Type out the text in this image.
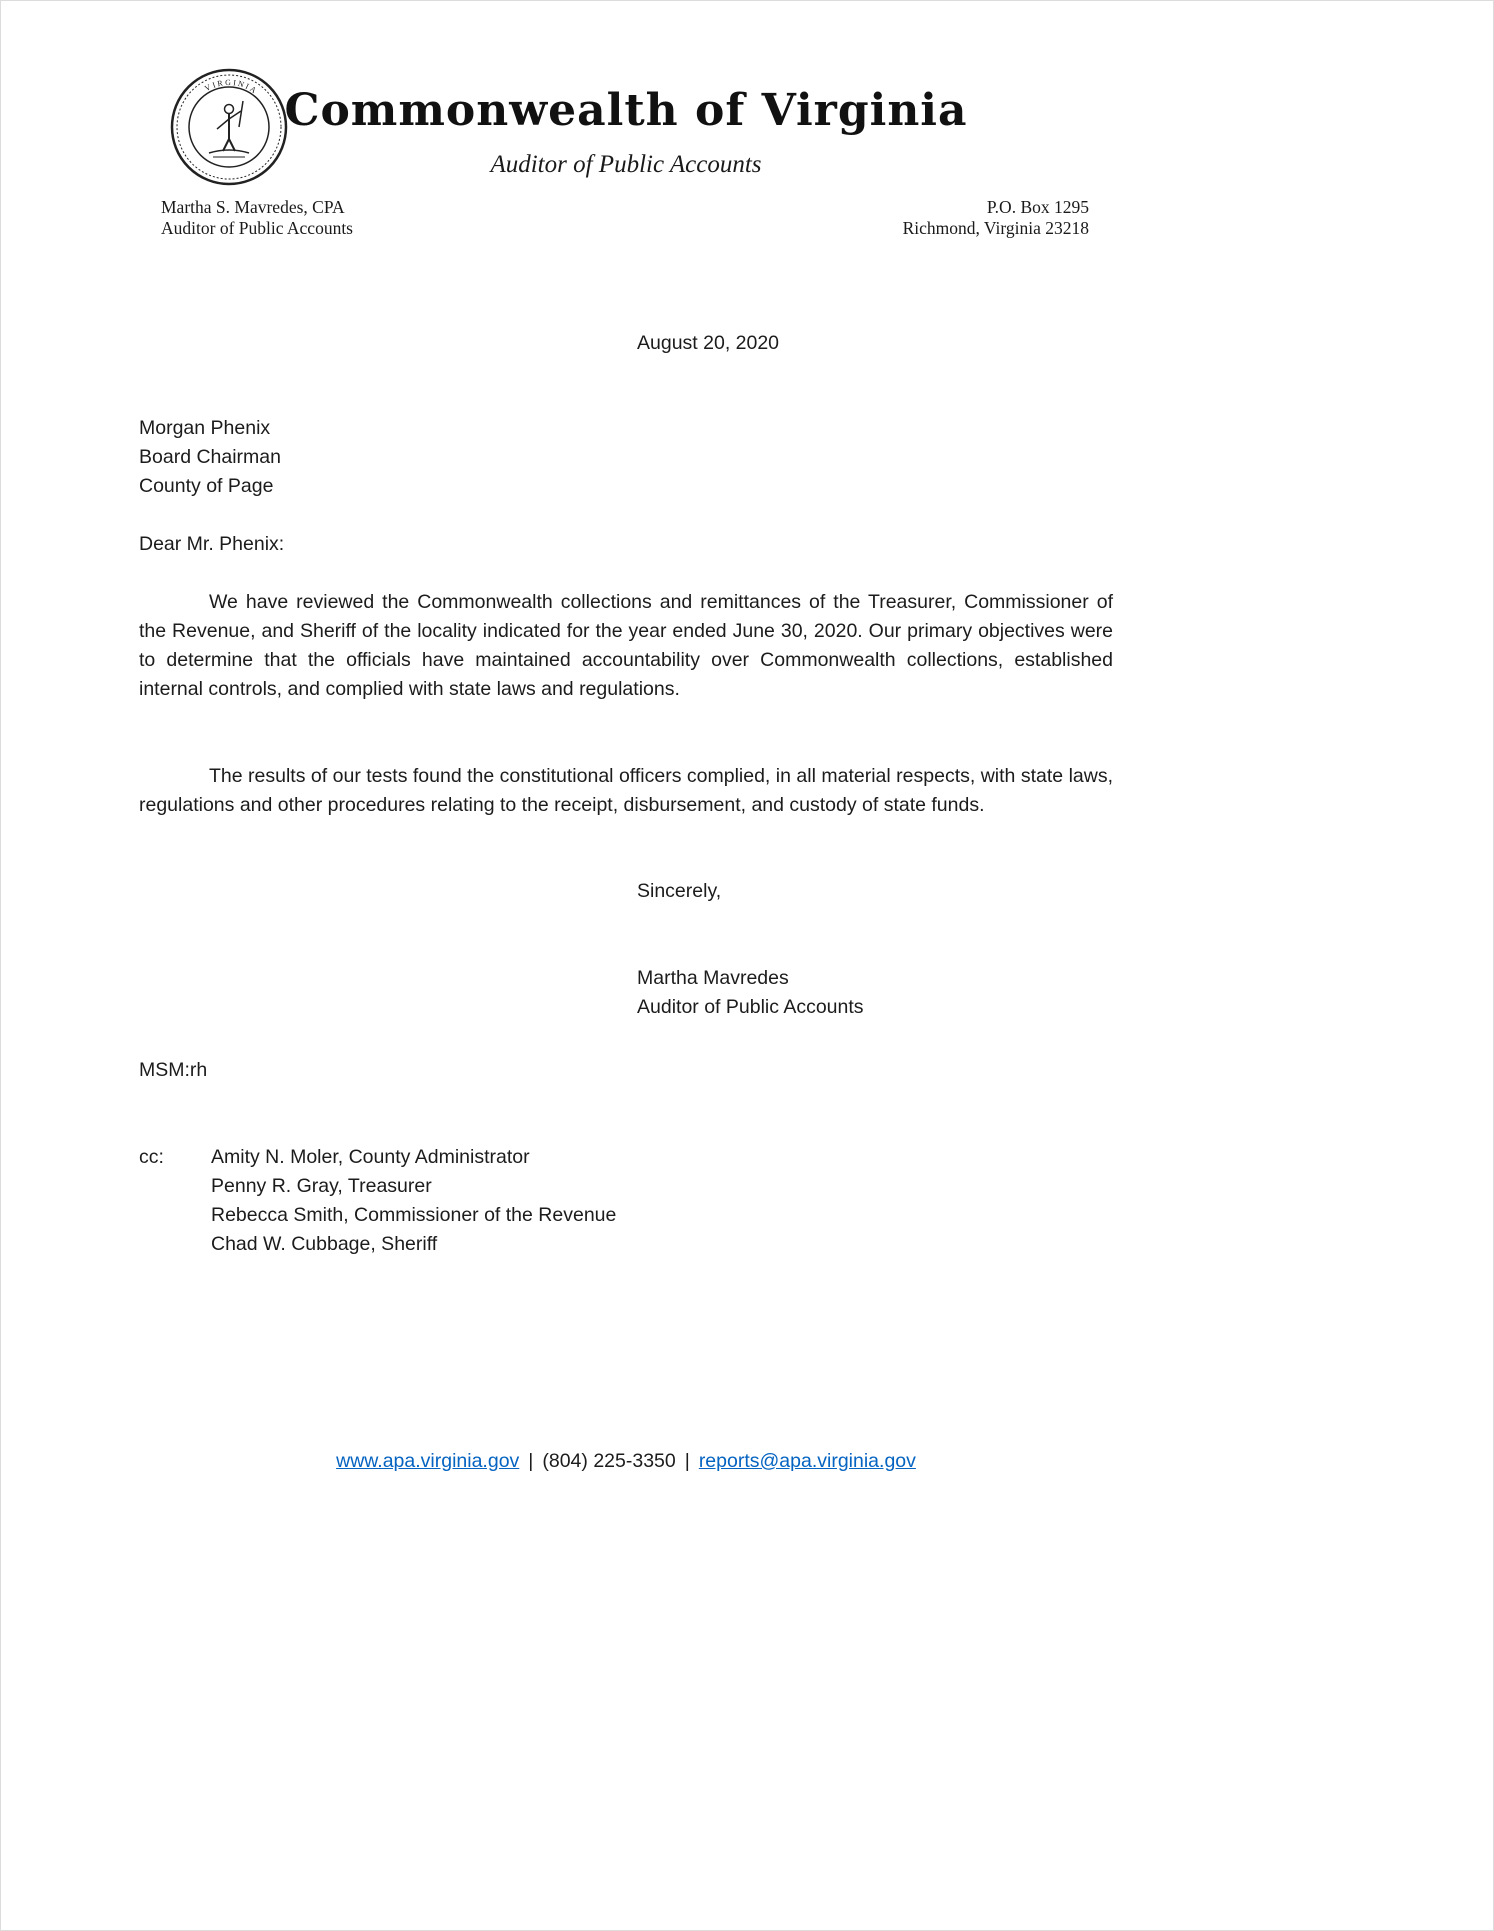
VIRGINIA Commonwealth of Virginia
Auditor of Public Accounts
Martha S. Mavredes, CPA
Auditor of Public Accounts
P.O. Box 1295
Richmond, Virginia 23218
August 20, 2020
Morgan Phenix
Board Chairman
County of Page
Dear Mr. Phenix:
We have reviewed the Commonwealth collections and remittances of the Treasurer, Commissioner of the Revenue, and Sheriff of the locality indicated for the year ended June 30, 2020. Our primary objectives were to determine that the officials have maintained accountability over Commonwealth collections, established internal controls, and complied with state laws and regulations.
The results of our tests found the constitutional officers complied, in all material respects, with state laws, regulations and other procedures relating to the receipt, disbursement, and custody of state funds.
Sincerely,
Martha Mavredes
Auditor of Public Accounts
MSM:rh
cc:	Amity N. Moler, County Administrator
Penny R. Gray, Treasurer
Rebecca Smith, Commissioner of the Revenue
Chad W. Cubbage, Sheriff
www.apa.virginia.gov | (804) 225-3350 | reports@apa.virginia.gov
